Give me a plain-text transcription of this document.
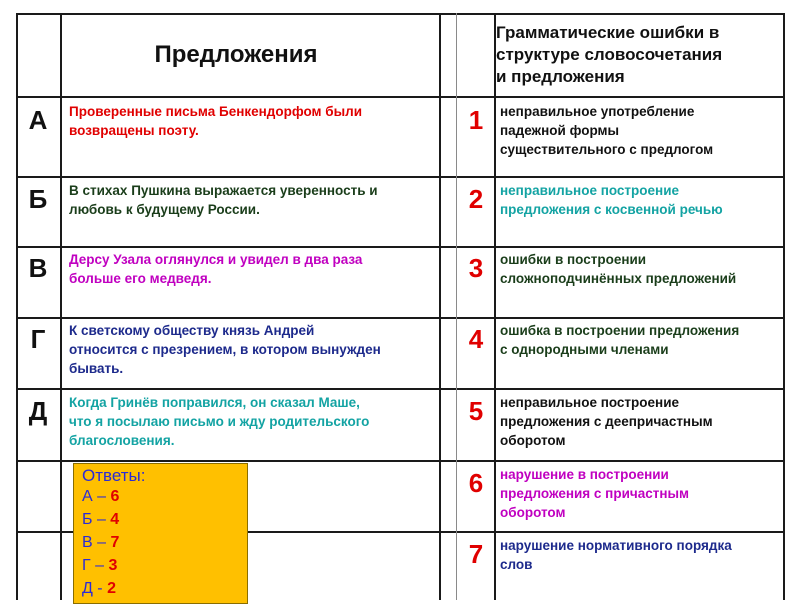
Предложения
Грамматические ошибки в
структуре словосочетания
и предложения
А	Проверенные письма Бенкендорфом были
возвращены поэту.	1	неправильное употребление
падежной формы
существительного с предлогом
Б	В стихах Пушкина выражается уверенность и
любовь к будущему России.	2	неправильное построение
предложения с косвенной речью
В	Дерсу Узала оглянулся и увидел в два раза
больше его медведя.	3	ошибки в построении
сложноподчинённых предложений
Г	К светскому обществу князь Андрей
относится с презрением, в котором вынужден
бывать.
4	ошибка в построении предложения
с однородными членами
Д	Когда Гринёв поправился, он сказал Маше,
что я посылаю письмо и жду родительского
благословения.
5	неправильное построение
предложения с деепричастным
оборотом
6	нарушение в построении
предложения с причастным
оборотом
7	нарушение нормативного порядка
слов
Ответы:
А – 6
Б – 4
В – 7
Г – 3
Д - 2
